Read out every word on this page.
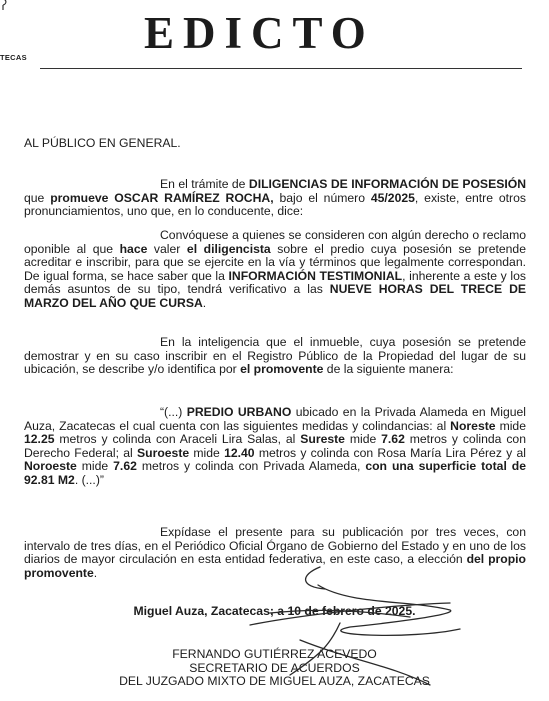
TECAS	EDICTO
AL PÚBLICO EN GENERAL.
En el trámite de DILIGENCIAS DE INFORMACIÓN DE POSESIÓN que promueve OSCAR RAMÍREZ ROCHA, bajo el número 45/2025, existe, entre otros pronunciamientos, uno que, en lo conducente, dice:
Convóquese a quienes se consideren con algún derecho o reclamo oponible al que hace valer el diligencista sobre el predio cuya posesión se pretende acreditar e inscribir, para que se ejercite en la vía y términos que legalmente correspondan. De igual forma, se hace saber que la INFORMACIÓN TESTIMONIAL, inherente a este y los demás asuntos de su tipo, tendrá verificativo a las NUEVE HORAS DEL TRECE DE MARZO DEL AÑO QUE CURSA.
En la inteligencia que el inmueble, cuya posesión se pretende demostrar y en su caso inscribir en el Registro Público de la Propiedad del lugar de su ubicación, se describe y/o identifica por el promovente de la siguiente manera:
“(...) PREDIO URBANO ubicado en la Privada Alameda en Miguel Auza, Zacatecas el cual cuenta con las siguientes medidas y colindancias: al Noreste mide 12.25 metros y colinda con Araceli Lira Salas, al Sureste mide 7.62 metros y colinda con Derecho Federal; al Suroeste mide 12.40 metros y colinda con Rosa María Lira Pérez y al Noroeste mide 7.62 metros y colinda con Privada Alameda, con una superficie total de 92.81 M2. (...)”
Expídase el presente para su publicación por tres veces, con intervalo de tres días, en el Periódico Oficial Órgano de Gobierno del Estado y en uno de los diarios de mayor circulación en esta entidad federativa, en este caso, a elección del propio promovente.
Miguel Auza, Zacatecas; a 10 de febrero de 2025.
FERNANDO GUTIÉRREZ ACEVEDO
SECRETARIO DE ACUERDOS
DEL JUZGADO MIXTO DE MIGUEL AUZA, ZACATECAS
